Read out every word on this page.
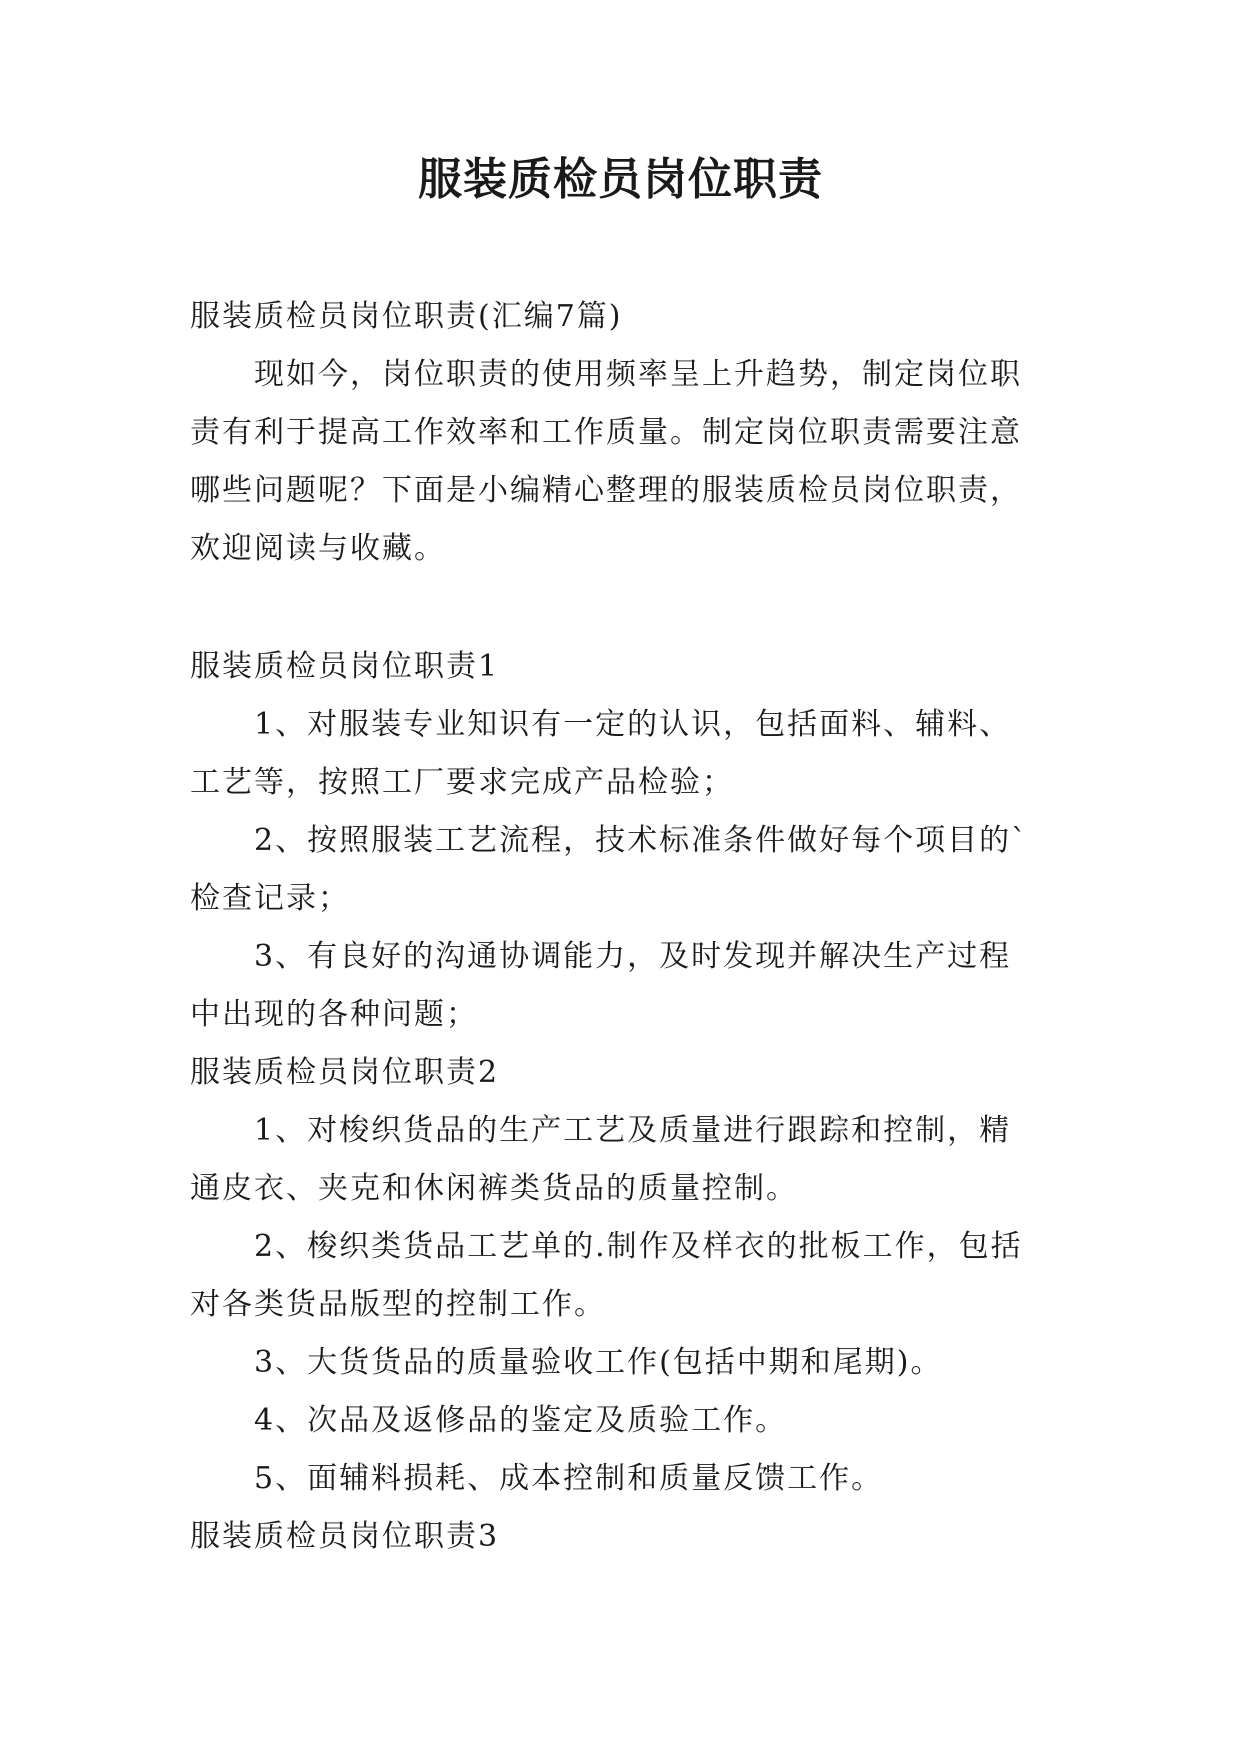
服装质检员岗位职责
服装质检员岗位职责(汇编7篇)
现如今，岗位职责的使用频率呈上升趋势，制定岗位职
责有利于提高工作效率和工作质量。制定岗位职责需要注意
哪些问题呢？下面是小编精心整理的服装质检员岗位职责，
欢迎阅读与收藏。
服装质检员岗位职责1
1、对服装专业知识有一定的认识，包括面料、辅料、
工艺等，按照工厂要求完成产品检验；
2、按照服装工艺流程，技术标准条件做好每个项目的`
检查记录；
3、有良好的沟通协调能力，及时发现并解决生产过程
中出现的各种问题；
服装质检员岗位职责2
1、对梭织货品的生产工艺及质量进行跟踪和控制，精
通皮衣、夹克和休闲裤类货品的质量控制。
2、梭织类货品工艺单的.制作及样衣的批板工作，包括
对各类货品版型的控制工作。
3、大货货品的质量验收工作(包括中期和尾期)。
4、次品及返修品的鉴定及质验工作。
5、面辅料损耗、成本控制和质量反馈工作。
服装质检员岗位职责3
